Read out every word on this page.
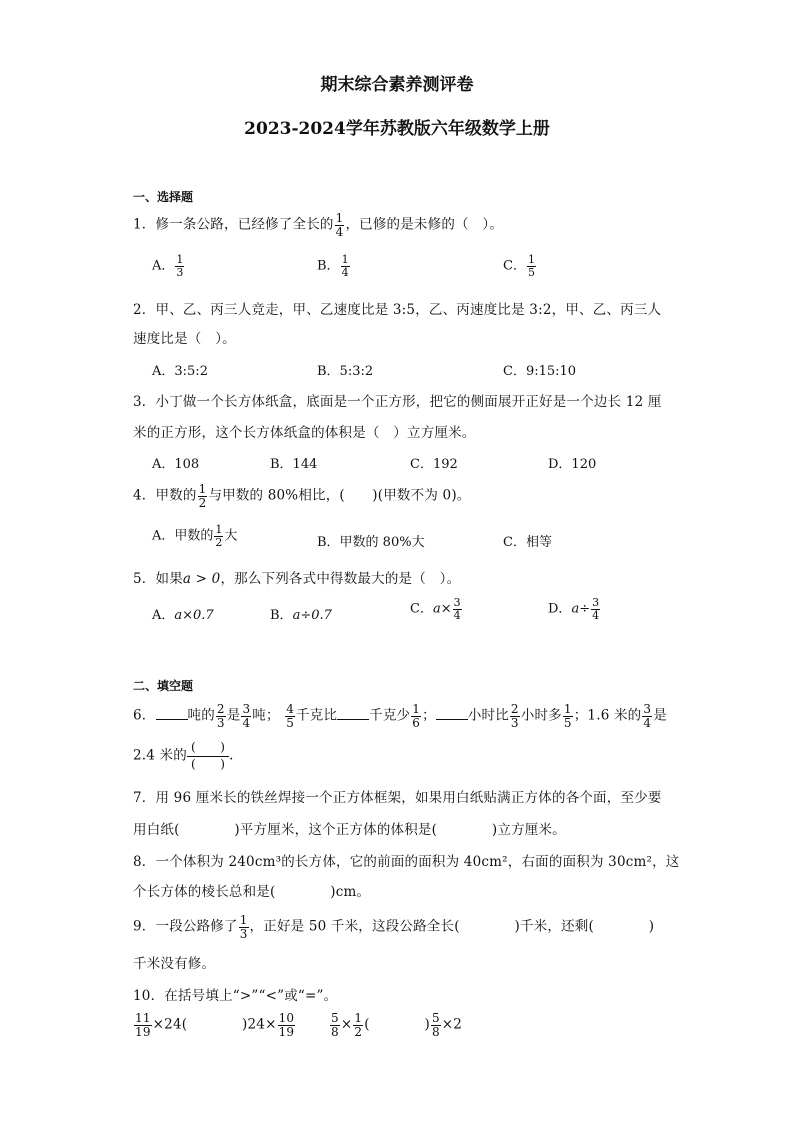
期末综合素养测评卷
2023-2024学年苏教版六年级数学上册
一、选择题
1．修一条公路，已经修了全长的 $\frac{1}{4}$ ，已修的是未修的（　）。
A． $\frac{1}{3}$	B． $\frac{1}{4}$	C． $\frac{1}{5}$
2．甲、乙、丙三人竞走，甲、乙速度比是 3:5，乙、丙速度比是 3:2，甲、乙、丙三人
速度比是（　）。
A．3:5:2	B．5:3:2	C．9:15:10
3．小丁做一个长方体纸盒，底面是一个正方形，把它的侧面展开正好是一个边长 12 厘
米的正方形，这个长方体纸盒的体积是（　）立方厘米。
A．108	B．144	C．192	D．120
4．甲数的 $\frac{1}{2}$ 与甲数的 80%相比，(　　)(甲数不为 0)。
A．甲数的 $\frac{1}{2}$ 大	B．甲数的 80%大	C．相等
5．如果a > 0，那么下列各式中得数最大的是（　）。
A．a×0.7	B．a÷0.7	C．$a\times \frac{3}{4}$	D．$a\div \frac{3}{4}$
二、填空题
6． 吨的 $\frac{2}{3}$ 是 $\frac{3}{4}$ 吨； $\frac{4}{5}$ 千克比 千克少 $\frac{1}{6}$ ； 小时比 $\frac{2}{3}$ 小时多 $\frac{1}{5}$ ；1.6 米的 $\frac{3}{4}$ 是
2.4 米的
(　　)
(　　) .
7．用 96 厘米长的铁丝焊接一个正方体框架，如果用白纸贴满正方体的各个面，至少要
用白纸(　　　　)平方厘米，这个正方体的体积是(　　　　)立方厘米。
8．一个体积为 240cm³的长方体，它的前面的面积为 40cm²，右面的面积为 30cm²，这
个长方体的棱长总和是(　　　　)cm。
9．一段公路修了 $\frac{1}{3}$ ，正好是 50 千米，这段公路全长(　　　　)千米，还剩(　　　　)
千米没有修。
10．在括号填上“>”“<”或“=”。
$\frac{11}{19} \times 24$(　　　　)$24\times \frac{10}{19}$	$\frac{5}{8} \times \frac{1}{2}$ (　　　　) $\frac{5}{8} \times 2$
